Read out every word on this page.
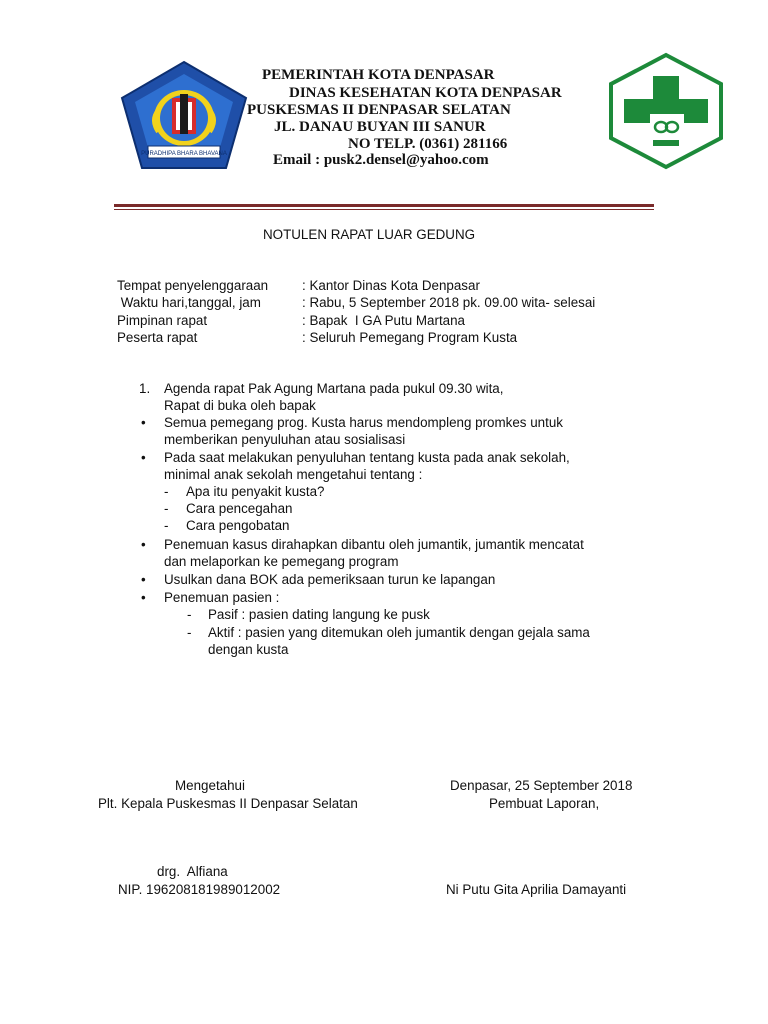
PURADHIPA BHARA BHAVANA
PEMERINTAH KOTA DENPASAR
DINAS KESEHATAN KOTA DENPASAR
PUSKESMAS II DENPASAR SELATAN
JL. DANAU BUYAN III SANUR
NO TELP. (0361) 281166
Email : pusk2.densel@yahoo.com
NOTULEN RAPAT LUAR GEDUNG
Tempat penyelenggaraan	: Kantor Dinas Kota Denpasar
Waktu hari,tanggal, jam	: Rabu, 5 September 2018 pk. 09.00 wita- selesai
Pimpinan rapat	: Bapak  I GA Putu Martana
Peserta rapat	: Seluruh Pemegang Program Kusta
1. Agenda rapat Pak Agung Martana pada pukul 09.30 wita,
Rapat di buka oleh bapak
• Semua pemegang prog. Kusta harus mendompleng promkes untuk
memberikan penyuluhan atau sosialisasi
• Pada saat melakukan penyuluhan tentang kusta pada anak sekolah,
minimal anak sekolah mengetahui tentang :
- Apa itu penyakit kusta?
- Cara pencegahan
- Cara pengobatan
• Penemuan kasus dirahapkan dibantu oleh jumantik, jumantik mencatat
dan melaporkan ke pemegang program
• Usulkan dana BOK ada pemeriksaan turun ke lapangan
• Penemuan pasien :
- Pasif : pasien dating langung ke pusk
- Aktif : pasien yang ditemukan oleh jumantik dengan gejala sama
dengan kusta
Mengetahui
Plt. Kepala Puskesmas II Denpasar Selatan
drg.  Alfiana
NIP. 196208181989012002
Denpasar, 25 September 2018
Pembuat Laporan,
Ni Putu Gita Aprilia Damayanti
